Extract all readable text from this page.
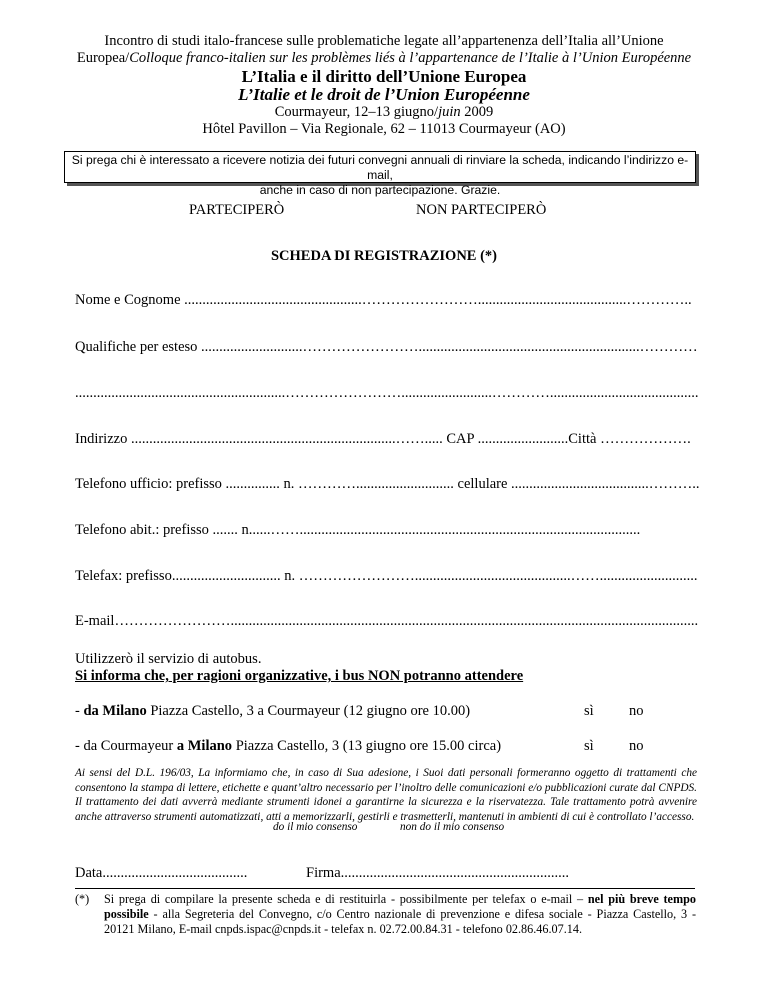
Incontro di studi italo-francese sulle problematiche legate all’appartenenza dell’Italia all’Unione
Europea/Colloque franco-italien sur les problèmes liés à l’appartenance de l’Italie à l’Union Européenne
L’Italia e il diritto dell’Unione Europea
L’Italie et le droit de l’Union Européenne
Courmayeur, 12–13 giugno/juin 2009
Hôtel Pavillon – Via Regionale, 62 – 11013 Courmayeur (AO)
Si prega chi è interessato a ricevere notizia dei futuri convegni annuali di rinviare la scheda, indicando l’indirizzo e-mail,
anche in caso di non partecipazione. Grazie.
PARTECIPERÒ	NON PARTECIPERÒ
SCHEDA DI REGISTRAZIONE (*)
Nome e Cognome .................................................…………………….........................................…………..
Qualifiche per esteso ............................…………………….............................................................…………
..........................................................…………………….........................………….........................................
Indirizzo .........................................................................……..... CAP .........................Città ……………….
Telefono ufficio: prefisso ............... n. …………........................... cellulare ......................................………..
Telefono abit.: prefisso ....... n......……..............................................................................................
Telefax: prefisso.............................. n. ……………………...........................................……...........................
E-mail…………………….................................................................................................................................
Utilizzerò il servizio di autobus.
Si informa che, per ragioni organizzative, i bus NON potranno attendere
- da Milano Piazza Castello, 3 a Courmayeur (12 giugno ore 10.00)	sì no
- da Courmayeur a Milano Piazza Castello, 3 (13 giugno ore 15.00 circa)	sì no
Ai sensi del D.L. 196/03, La informiamo che, in caso di Sua adesione, i Suoi dati personali formeranno oggetto di trattamenti che consentono la stampa di lettere, etichette e quant’altro necessario per l’inoltro delle comunicazioni e/o pubblicazioni curate dal CNPDS. Il trattamento dei dati avverrà mediante strumenti idonei a garantirne la sicurezza e la riservatezza. Tale trattamento potrà avvenire anche attraverso strumenti automatizzati, atti a memorizzarli, gestirli e trasmetterli, mantenuti in ambienti di cui è controllato l’accesso.
do il mio consenso	non do il mio consenso
Data........................................	Firma...............................................................
(*) Si prega di compilare la presente scheda e di restituirla - possibilmente per telefax o e-mail – nel più breve tempo possibile - alla Segreteria del Convegno, c/o Centro nazionale di prevenzione e difesa sociale - Piazza Castello, 3 - 20121 Milano, E-mail cnpds.ispac@cnpds.it - telefax n. 02.72.00.84.31 - telefono 02.86.46.07.14.
